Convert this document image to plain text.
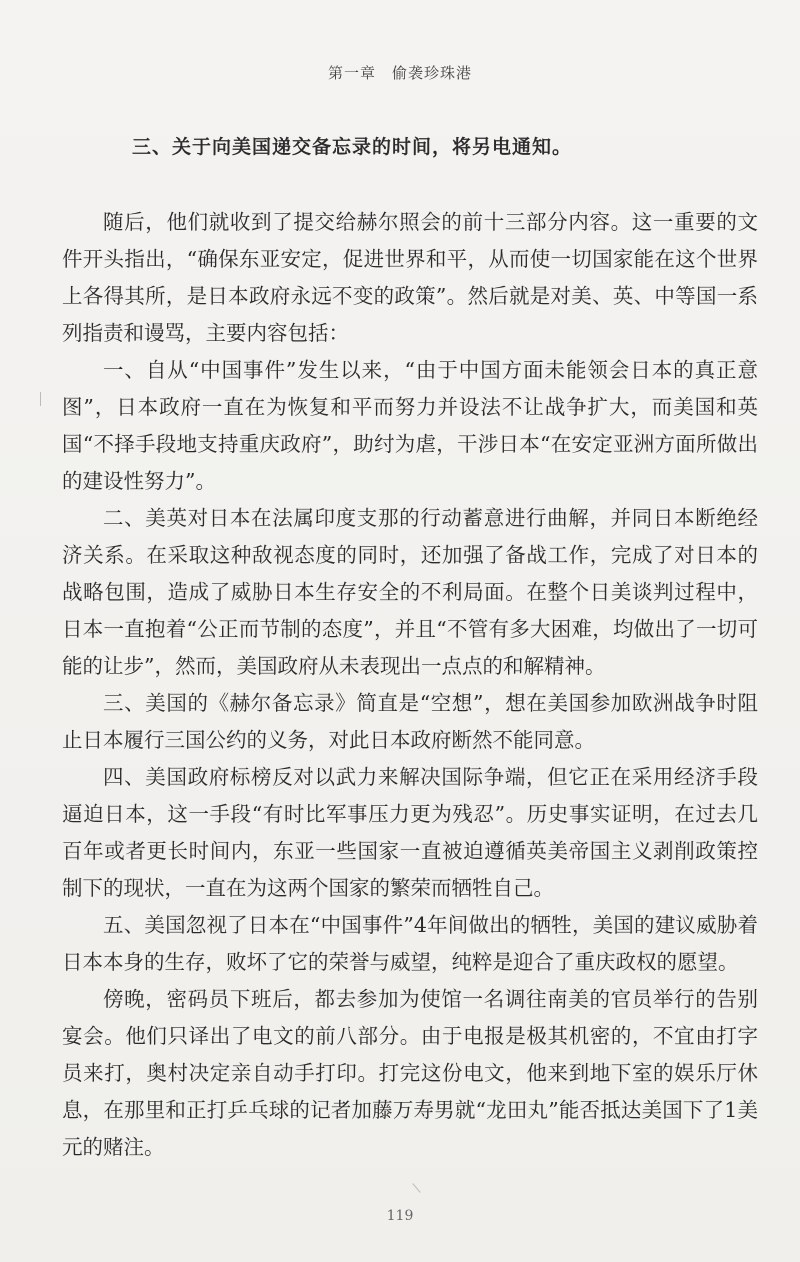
第一章　偷袭珍珠港
三、关于向美国递交备忘录的时间，将另电通知。

随后，他们就收到了提交给赫尔照会的前十三部分内容。这一重要的文件开头指出，“确保东亚安定，促进世界和平，从而使一切国家能在这个世界上各得其所，是日本政府永远不变的政策”。然后就是对美、英、中等国一系列指责和谩骂，主要内容包括：

一、自从“中国事件”发生以来，“由于中国方面未能领会日本的真正意图”，日本政府一直在为恢复和平而努力并设法不让战争扩大，而美国和英国“不择手段地支持重庆政府”，助纣为虐，干涉日本“在安定亚洲方面所做出的建设性努力”。

二、美英对日本在法属印度支那的行动蓄意进行曲解，并同日本断绝经济关系。在采取这种敌视态度的同时，还加强了备战工作，完成了对日本的战略包围，造成了威胁日本生存安全的不利局面。在整个日美谈判过程中，日本一直抱着“公正而节制的态度”，并且“不管有多大困难，均做出了一切可能的让步”，然而，美国政府从未表现出一点点的和解精神。

三、美国的《赫尔备忘录》简直是“空想”，想在美国参加欧洲战争时阻止日本履行三国公约的义务，对此日本政府断然不能同意。

四、美国政府标榜反对以武力来解决国际争端，但它正在采用经济手段逼迫日本，这一手段“有时比军事压力更为残忍”。历史事实证明，在过去几百年或者更长时间内，东亚一些国家一直被迫遵循英美帝国主义剥削政策控制下的现状，一直在为这两个国家的繁荣而牺牲自己。

五、美国忽视了日本在“中国事件”4年间做出的牺牲，美国的建议威胁着日本本身的生存，败坏了它的荣誉与威望，纯粹是迎合了重庆政权的愿望。

傍晚，密码员下班后，都去参加为使馆一名调往南美的官员举行的告别宴会。他们只译出了电文的前八部分。由于电报是极其机密的，不宜由打字员来打，奥村决定亲自动手打印。打完这份电文，他来到地下室的娱乐厅休息，在那里和正打乒乓球的记者加藤万寿男就“龙田丸”能否抵达美国下了1美元的赌注。

119
